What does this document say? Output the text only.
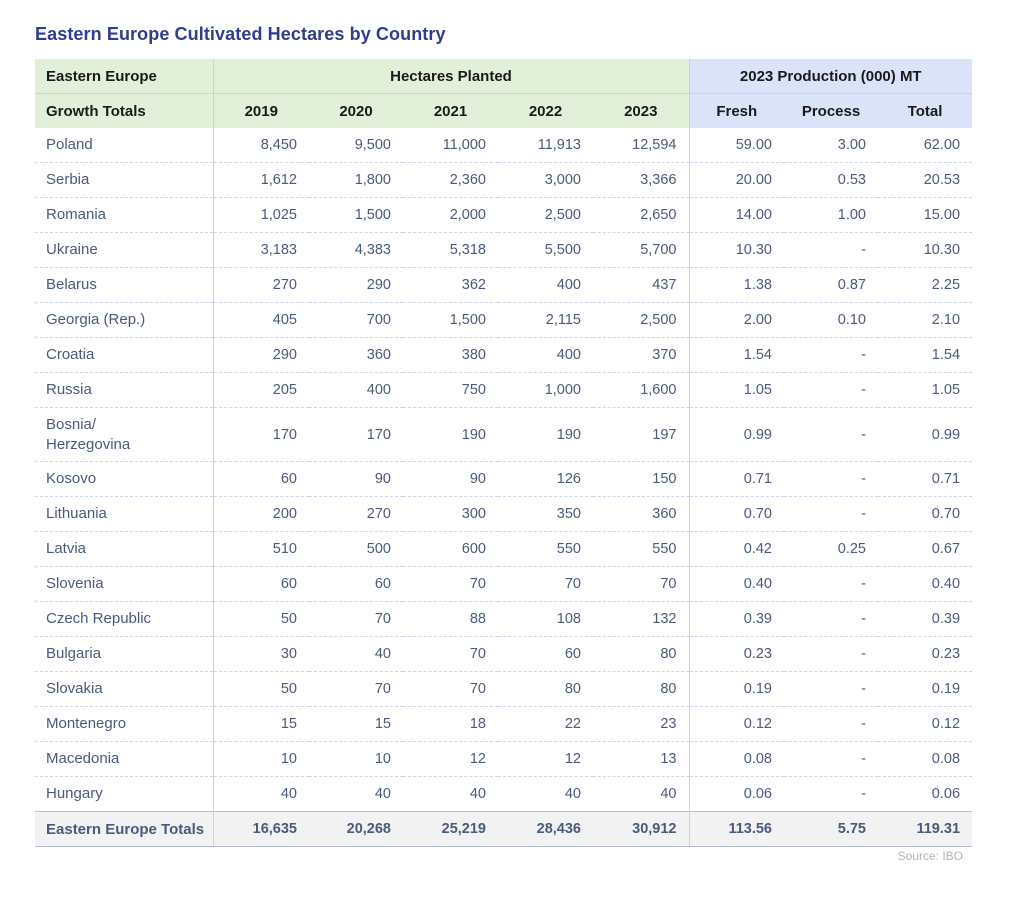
Eastern Europe Cultivated Hectares by Country
Eastern Europe	Hectares Planted					2023 Production (000) MT		
Growth Totals	2019	2020	2021	2022	2023	Fresh	Process	Total
Poland	8,450	9,500	11,000	11,913	12,594	59.00	3.00	62.00
Serbia	1,612	1,800	2,360	3,000	3,366	20.00	0.53	20.53
Romania	1,025	1,500	2,000	2,500	2,650	14.00	1.00	15.00
Ukraine	3,183	4,383	5,318	5,500	5,700	10.30	-	10.30
Belarus	270	290	362	400	437	1.38	0.87	2.25
Georgia (Rep.)	405	700	1,500	2,115	2,500	2.00	0.10	2.10
Croatia	290	360	380	400	370	1.54	-	1.54
Russia	205	400	750	1,000	1,600	1.05	-	1.05
Bosnia/
Herzegovina	170	170	190	190	197	0.99	-	0.99
Kosovo	60	90	90	126	150	0.71	-	0.71
Lithuania	200	270	300	350	360	0.70	-	0.70
Latvia	510	500	600	550	550	0.42	0.25	0.67
Slovenia	60	60	70	70	70	0.40	-	0.40
Czech Republic	50	70	88	108	132	0.39	-	0.39
Bulgaria	30	40	70	60	80	0.23	-	0.23
Slovakia	50	70	70	80	80	0.19	-	0.19
Montenegro	15	15	18	22	23	0.12	-	0.12
Macedonia	10	10	12	12	13	0.08	-	0.08
Hungary	40	40	40	40	40	0.06	-	0.06
Eastern Europe Totals	16,635	20,268	25,219	28,436	30,912	113.56	5.75	119.31
Source: IBO
